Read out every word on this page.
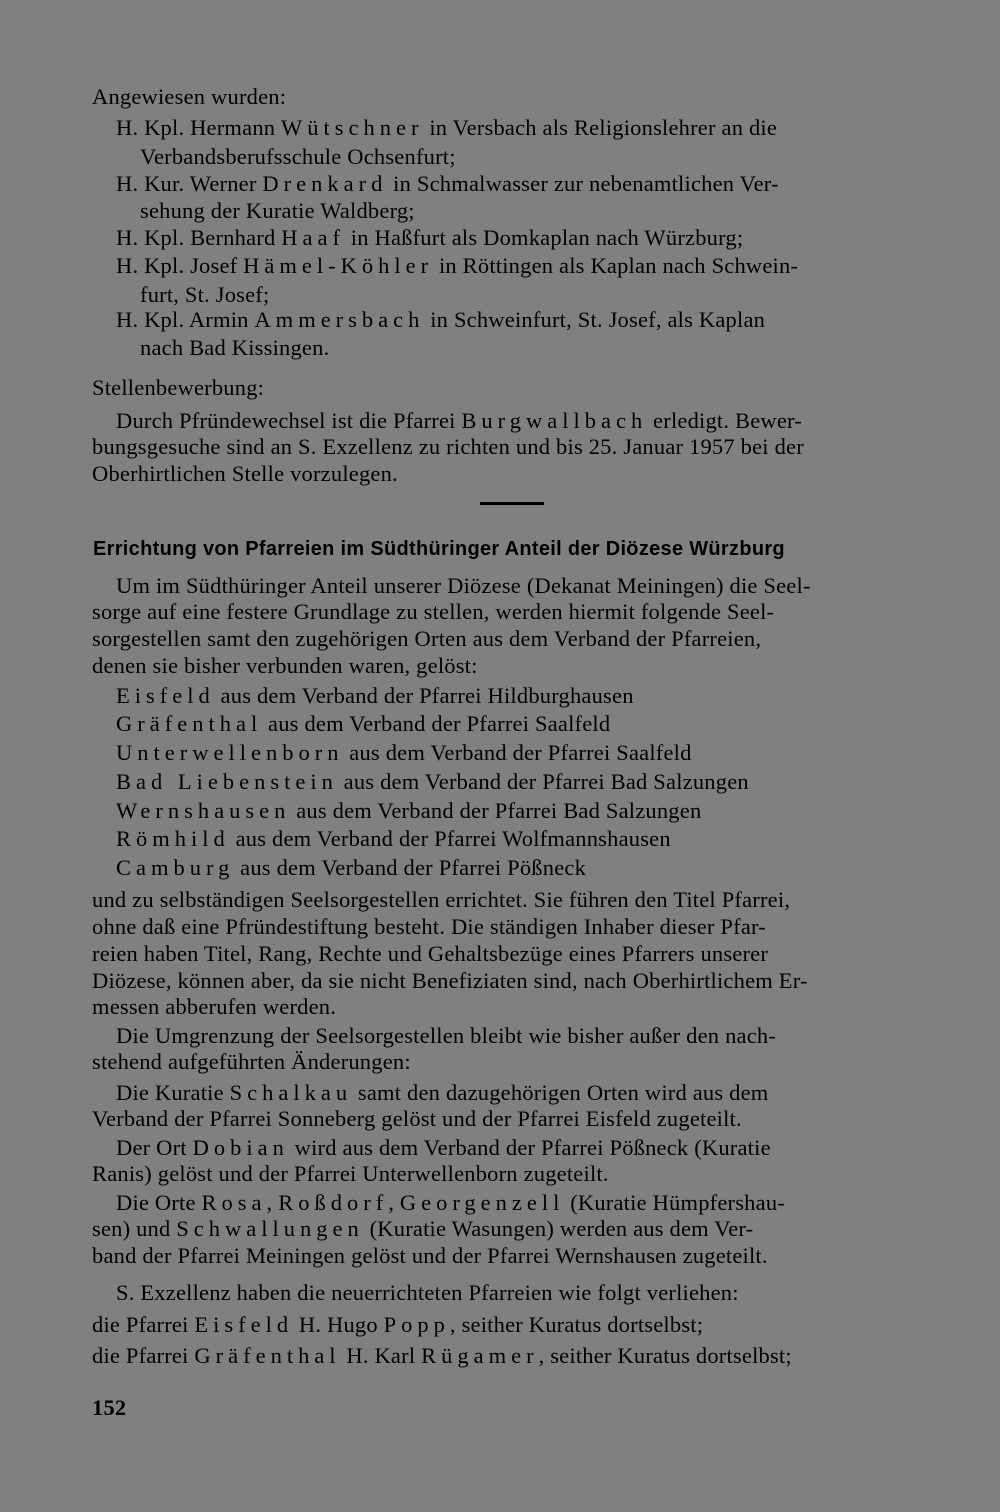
Angewiesen wurden:
H. Kpl. Hermann Wütschner in Versbach als Religionslehrer an die
Verbandsberufsschule Ochsenfurt;
H. Kur. Werner Drenkard in Schmalwasser zur nebenamtlichen Ver-
sehung der Kuratie Waldberg;
H. Kpl. Bernhard Haaf in Haßfurt als Domkaplan nach Würzburg;
H. Kpl. Josef Hämel-Köhler in Röttingen als Kaplan nach Schwein-
furt, St. Josef;
H. Kpl. Armin Ammersbach in Schweinfurt, St. Josef, als Kaplan
nach Bad Kissingen.
Stellenbewerbung:
Durch Pfründewechsel ist die Pfarrei Burgwallbach erledigt. Bewer-
bungsgesuche sind an S. Exzellenz zu richten und bis 25. Januar 1957 bei der
Oberhirtlichen Stelle vorzulegen.
Errichtung von Pfarreien im Südthüringer Anteil der Diözese Würzburg
Um im Südthüringer Anteil unserer Diözese (Dekanat Meiningen) die Seel-
sorge auf eine festere Grundlage zu stellen, werden hiermit folgende Seel-
sorgestellen samt den zugehörigen Orten aus dem Verband der Pfarreien,
denen sie bisher verbunden waren, gelöst:
Eisfeld aus dem Verband der Pfarrei Hildburghausen
Gräfenthal aus dem Verband der Pfarrei Saalfeld
Unterwellenborn aus dem Verband der Pfarrei Saalfeld
Bad Liebenstein aus dem Verband der Pfarrei Bad Salzungen
Wernshausen aus dem Verband der Pfarrei Bad Salzungen
Römhild aus dem Verband der Pfarrei Wolfmannshausen
Camburg aus dem Verband der Pfarrei Pößneck
und zu selbständigen Seelsorgestellen errichtet. Sie führen den Titel Pfarrei,
ohne daß eine Pfründestiftung besteht. Die ständigen Inhaber dieser Pfar-
reien haben Titel, Rang, Rechte und Gehaltsbezüge eines Pfarrers unserer
Diözese, können aber, da sie nicht Benefiziaten sind, nach Oberhirtlichem Er-
messen abberufen werden.
Die Umgrenzung der Seelsorgestellen bleibt wie bisher außer den nach-
stehend aufgeführten Änderungen:
Die Kuratie Schalkau samt den dazugehörigen Orten wird aus dem
Verband der Pfarrei Sonneberg gelöst und der Pfarrei Eisfeld zugeteilt.
Der Ort Dobian wird aus dem Verband der Pfarrei Pößneck (Kuratie
Ranis) gelöst und der Pfarrei Unterwellenborn zugeteilt.
Die Orte Rosa, Roßdorf, Georgenzell (Kuratie Hümpfershau-
sen) und Schwallungen (Kuratie Wasungen) werden aus dem Ver-
band der Pfarrei Meiningen gelöst und der Pfarrei Wernshausen zugeteilt.
S. Exzellenz haben die neuerrichteten Pfarreien wie folgt verliehen:
die Pfarrei Eisfeld H. Hugo Popp, seither Kuratus dortselbst;
die Pfarrei Gräfenthal H. Karl Rügamer, seither Kuratus dortselbst;
152
